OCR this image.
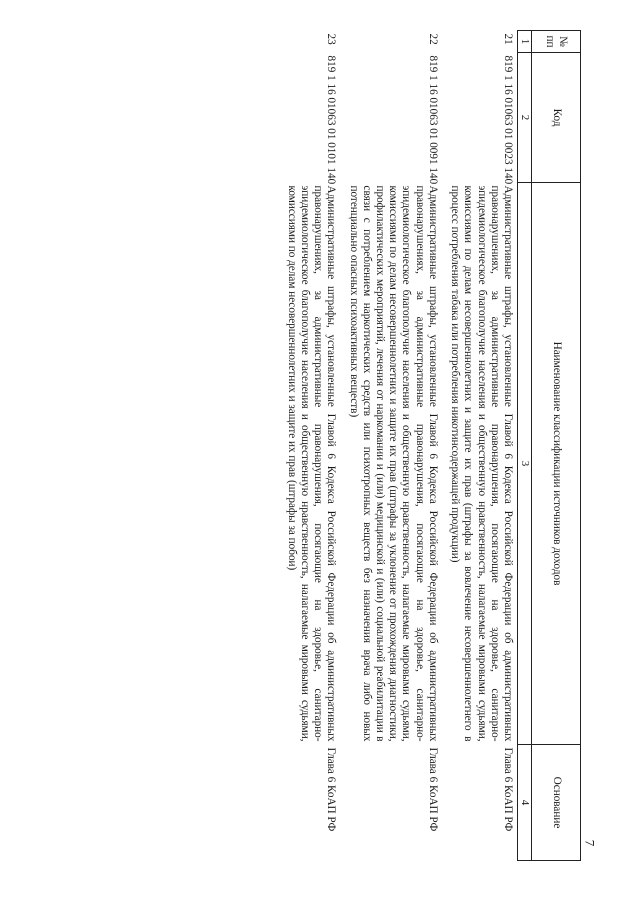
7
№ пп	Код	Наименование классификации источников доходов	Основание
1	2	3	4
21	819 1 16 01063 01 0023 140	Административные штрафы, установленные Главой 6 Кодекса Российской Федерации об административных правонарушениях, за административные правонарушения, посягающие на здоровье, санитарно-эпидемиологическое благополучие населения и общественную нравственность, налагаемые мировыми судьями, комиссиями по делам несовершеннолетних и защите их прав (штрафы за вовлечение несовершеннолетнего в процесс потребления табака или потребления никотинсодержащей продукции)	Глава 6 КоАП РФ
22	819 1 16 01063 01 0091 140	Административные штрафы, установленные Главой 6 Кодекса Российской Федерации об административных правонарушениях, за административные правонарушения, посягающие на здоровье, санитарно-эпидемиологическое благополучие населения и общественную нравственность, налагаемые мировыми судьями, комиссиями по делам несовершеннолетних и защите их прав (штрафы за уклонение от прохождения диагностики, профилактических мероприятий, лечения от наркомании и (или) медицинской и (или) социальной реабилитации в связи с потреблением наркотических средств или психотропных веществ без назначения врача либо новых потенциально опасных психоактивных веществ)	Глава 6 КоАП РФ
23	819 1 16 01063 01 0101 140	Административные штрафы, установленные Главой 6 Кодекса Российской Федерации об административных правонарушениях, за административные правонарушения, посягающие на здоровье, санитарно-эпидемиологическое благополучие населения и общественную нравственность, налагаемые мировыми судьями, комиссиями по делам несовершеннолетних и защите их прав (штрафы за побои)	Глава 6 КоАП РФ
